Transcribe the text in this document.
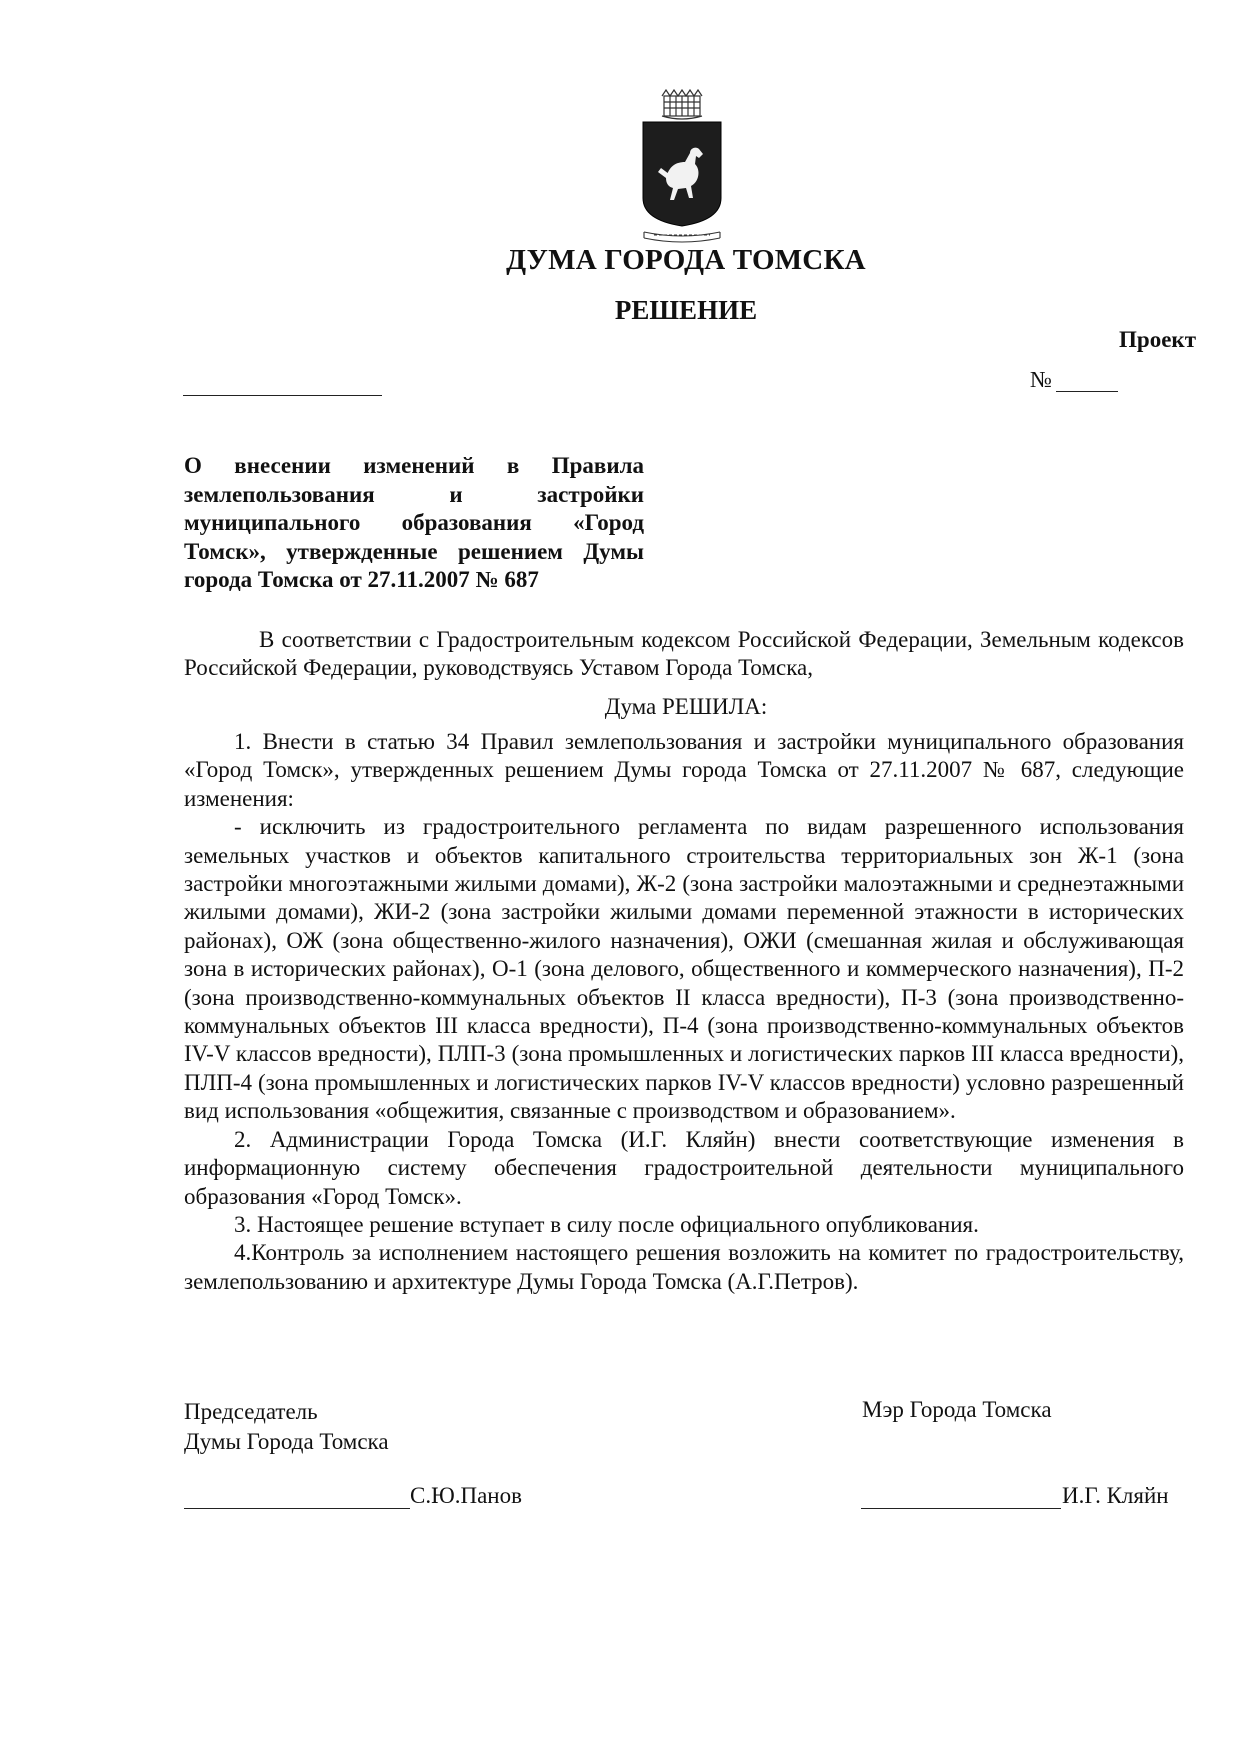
ДУМА ГОРОДА ТОМСКА
РЕШЕНИЕ
Проект
№
О внесении изменений в Правила землепользования и застройки муниципального образования «Город Томск», утвержденные решением Думы города Томска от 27.11.2007 № 687
В соответствии с Градостроительным кодексом Российской Федерации, Земельным кодексов Российской Федерации, руководствуясь Уставом Города Томска,
Дума РЕШИЛА:

1. Внести в статью 34 Правил землепользования и застройки муниципального образования «Город Томск», утвержденных решением Думы города Томска от 27.11.2007 № 687, следующие изменения:

- исключить из градостроительного регламента по видам разрешенного использования земельных участков и объектов капитального строительства территориальных зон Ж-1 (зона застройки многоэтажными жилыми домами), Ж-2 (зона застройки малоэтажными и среднеэтажными жилыми домами), ЖИ-2 (зона застройки жилыми домами переменной этажности в исторических районах), ОЖ (зона общественно-жилого назначения), ОЖИ (смешанная жилая и обслуживающая зона в исторических районах), О-1 (зона делового, общественного и коммерческого назначения), П-2 (зона производственно-коммунальных объектов II класса вредности), П-3 (зона производственно-коммунальных объектов III класса вредности), П-4 (зона производственно-коммунальных объектов IV-V классов вредности), ПЛП-3 (зона промышленных и логистических парков III класса вредности), ПЛП-4 (зона промышленных и логистических парков IV-V классов вредности) условно разрешенный вид использования «общежития, связанные с производством и образованием».

2. Администрации Города Томска (И.Г. Кляйн) внести соответствующие изменения в информационную систему обеспечения градостроительной деятельности муниципального образования «Город Томск».

3. Настоящее решение вступает в силу после официального опубликования.

4.Контроль за исполнением настоящего решения возложить на комитет по градостроительству, землепользованию и архитектуре Думы Города Томска (А.Г.Петров).

Председатель
Думы Города Томска
С.Ю.Панов
Мэр Города Томска
И.Г. Кляйн
